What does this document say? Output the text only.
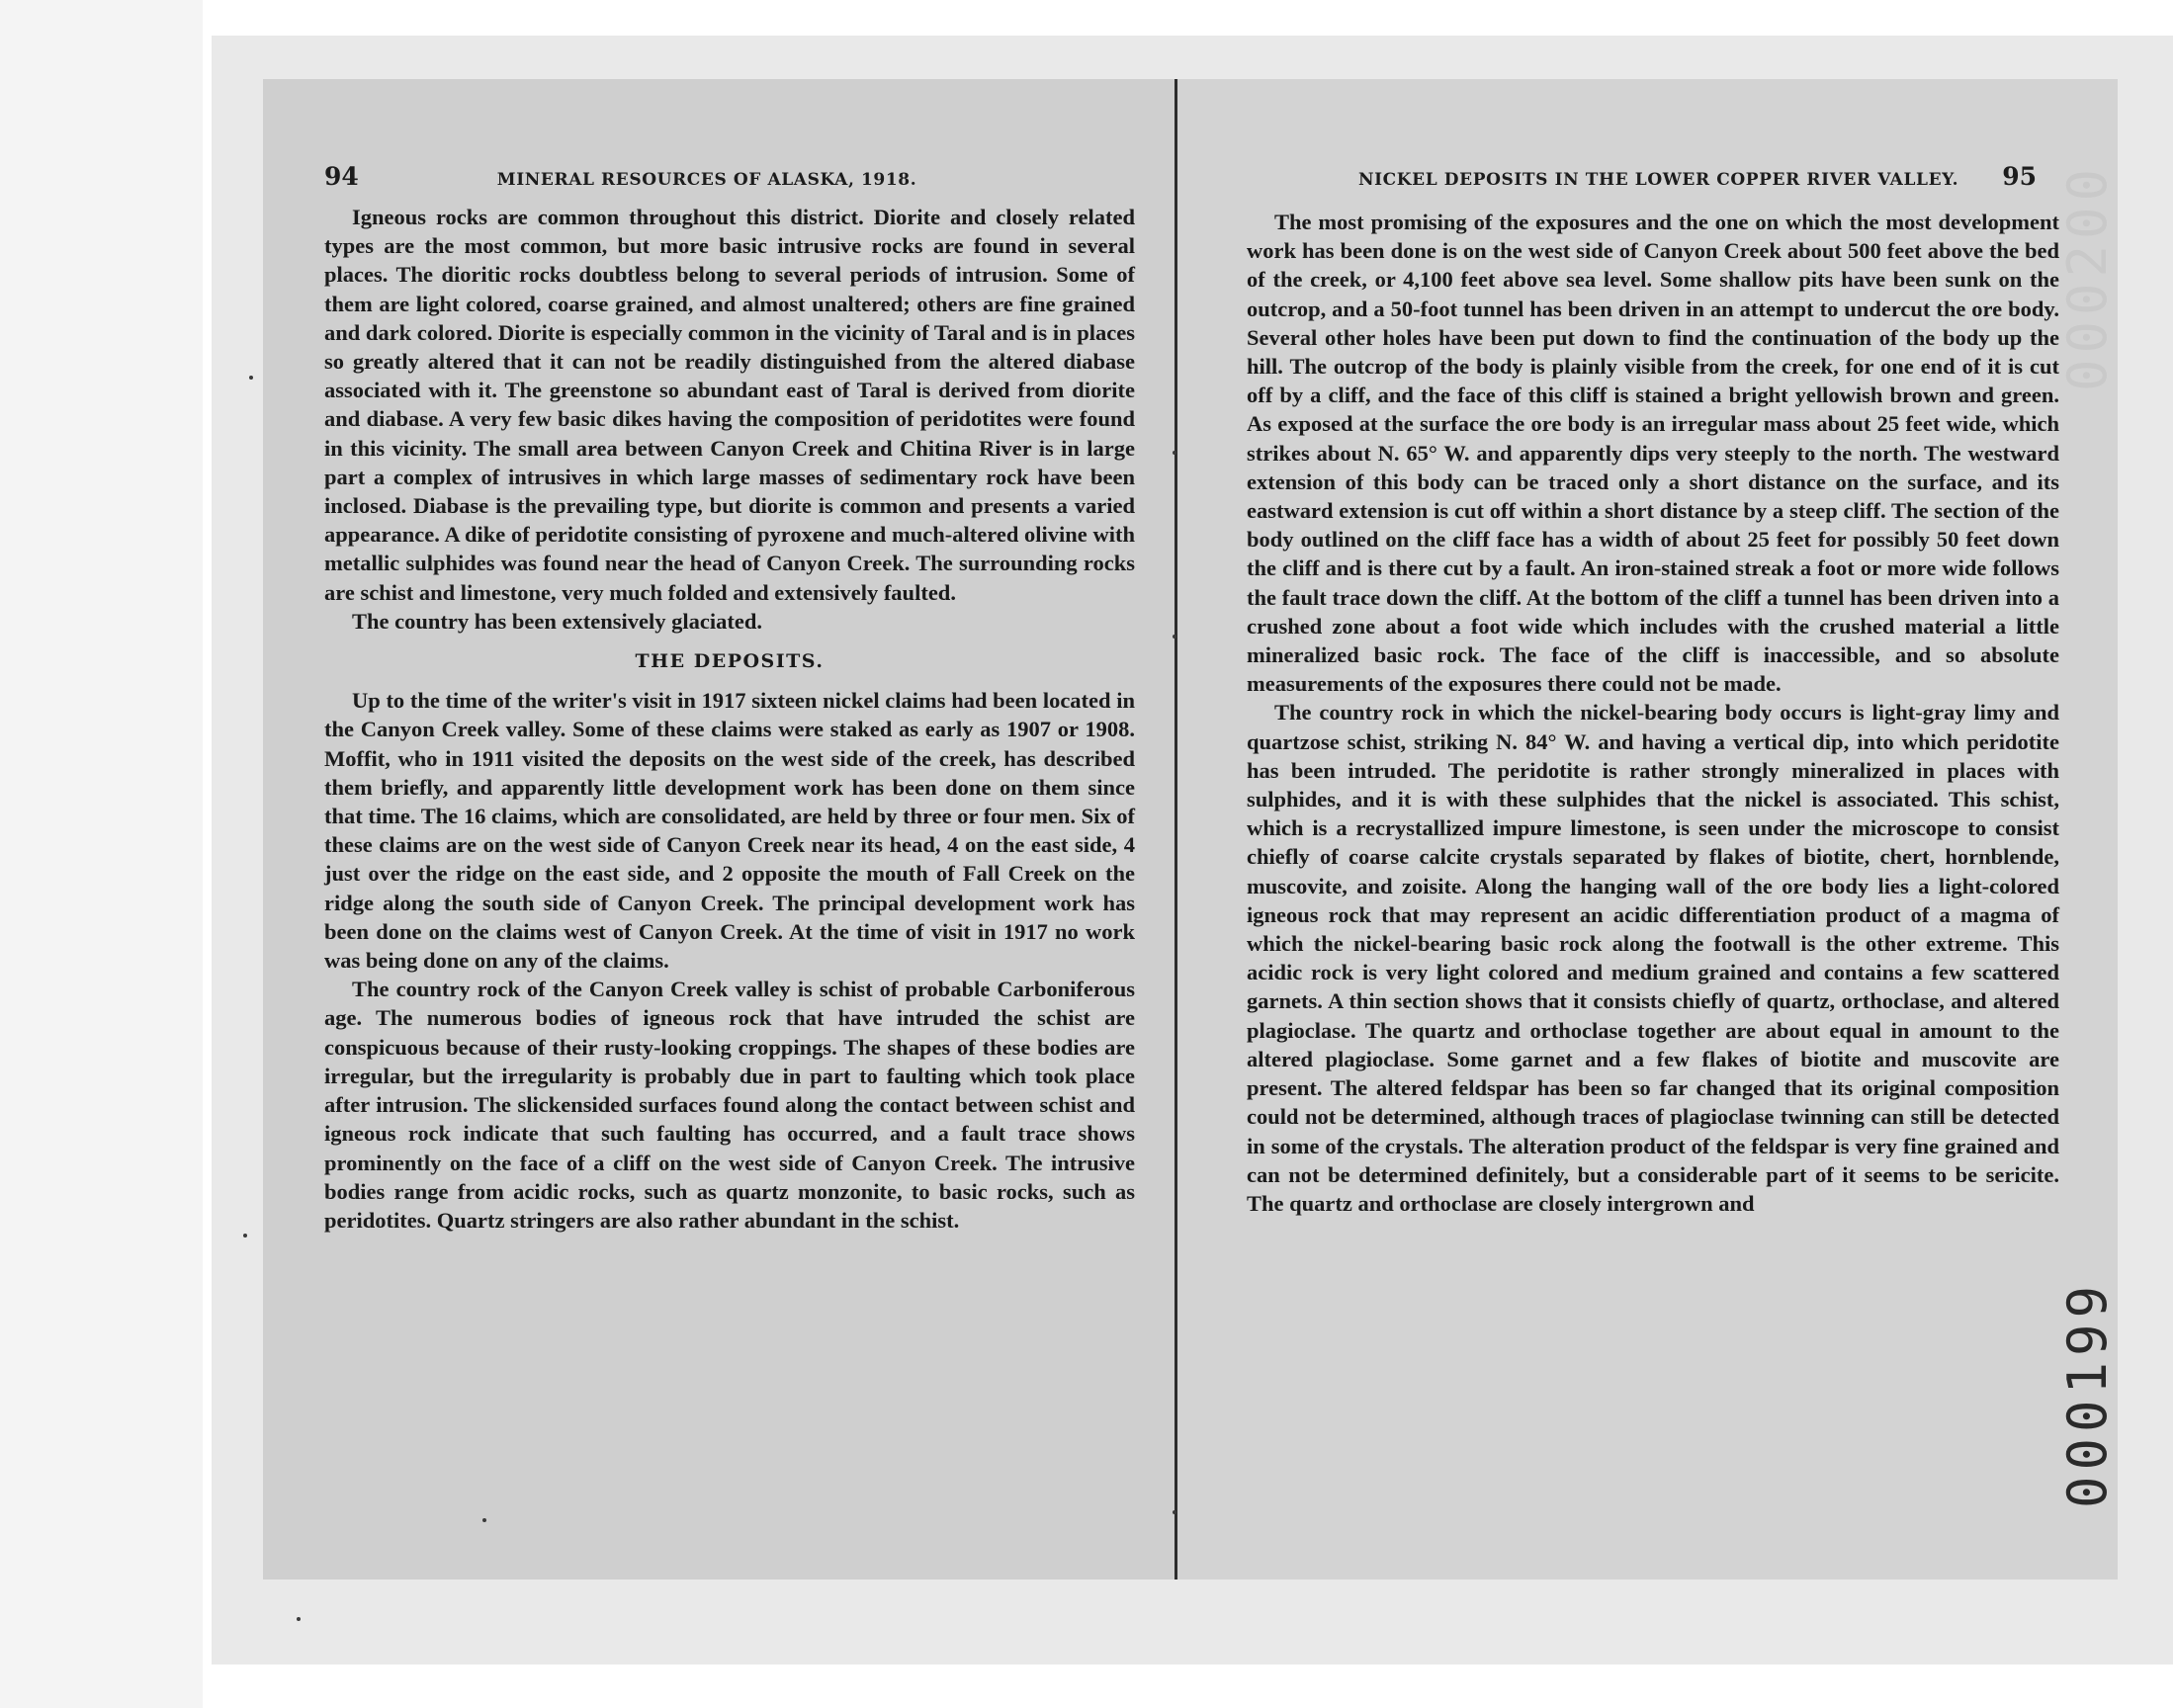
94	MINERAL RESOURCES OF ALASKA, 1918.

Igneous rocks are common throughout this district. Diorite and closely related types are the most common, but more basic intrusive rocks are found in several places. The dioritic rocks doubtless belong to several periods of intrusion. Some of them are light colored, coarse grained, and almost unaltered; others are fine grained and dark colored. Diorite is especially common in the vicinity of Taral and is in places so greatly altered that it can not be readily distinguished from the altered diabase associated with it. The greenstone so abundant east of Taral is derived from diorite and diabase. A very few basic dikes having the composition of peridotites were found in this vicinity. The small area between Canyon Creek and Chitina River is in large part a complex of intrusives in which large masses of sedimentary rock have been inclosed. Diabase is the prevailing type, but diorite is common and presents a varied appearance. A dike of peridotite consisting of pyroxene and much-altered olivine with metallic sulphides was found near the head of Canyon Creek. The surrounding rocks are schist and limestone, very much folded and extensively faulted.

The country has been extensively glaciated.

THE DEPOSITS.

Up to the time of the writer's visit in 1917 sixteen nickel claims had been located in the Canyon Creek valley. Some of these claims were staked as early as 1907 or 1908. Moffit, who in 1911 visited the deposits on the west side of the creek, has described them briefly, and apparently little development work has been done on them since that time. The 16 claims, which are consolidated, are held by three or four men. Six of these claims are on the west side of Canyon Creek near its head, 4 on the east side, 4 just over the ridge on the east side, and 2 opposite the mouth of Fall Creek on the ridge along the south side of Canyon Creek. The principal development work has been done on the claims west of Canyon Creek. At the time of visit in 1917 no work was being done on any of the claims.

The country rock of the Canyon Creek valley is schist of probable Carboniferous age. The numerous bodies of igneous rock that have intruded the schist are conspicuous because of their rusty-looking croppings. The shapes of these bodies are irregular, but the irregularity is probably due in part to faulting which took place after intrusion. The slickensided surfaces found along the contact between schist and igneous rock indicate that such faulting has occurred, and a fault trace shows prominently on the face of a cliff on the west side of Canyon Creek. The intrusive bodies range from acidic rocks, such as quartz monzonite, to basic rocks, such as peridotites. Quartz stringers are also rather abundant in the schist.

NICKEL DEPOSITS IN THE LOWER COPPER RIVER VALLEY. 95

The most promising of the exposures and the one on which the most development work has been done is on the west side of Canyon Creek about 500 feet above the bed of the creek, or 4,100 feet above sea level. Some shallow pits have been sunk on the outcrop, and a 50-foot tunnel has been driven in an attempt to undercut the ore body. Several other holes have been put down to find the continuation of the body up the hill. The outcrop of the body is plainly visible from the creek, for one end of it is cut off by a cliff, and the face of this cliff is stained a bright yellowish brown and green. As exposed at the surface the ore body is an irregular mass about 25 feet wide, which strikes about N. 65° W. and apparently dips very steeply to the north. The westward extension of this body can be traced only a short distance on the surface, and its eastward extension is cut off within a short distance by a steep cliff. The section of the body outlined on the cliff face has a width of about 25 feet for possibly 50 feet down the cliff and is there cut by a fault. An iron-stained streak a foot or more wide follows the fault trace down the cliff. At the bottom of the cliff a tunnel has been driven into a crushed zone about a foot wide which includes with the crushed material a little mineralized basic rock. The face of the cliff is inaccessible, and so absolute measurements of the exposures there could not be made.

The country rock in which the nickel-bearing body occurs is light-gray limy and quartzose schist, striking N. 84° W. and having a vertical dip, into which peridotite has been intruded. The peridotite is rather strongly mineralized in places with sulphides, and it is with these sulphides that the nickel is associated. This schist, which is a recrystallized impure limestone, is seen under the microscope to consist chiefly of coarse calcite crystals separated by flakes of biotite, chert, hornblende, muscovite, and zoisite. Along the hanging wall of the ore body lies a light-colored igneous rock that may represent an acidic differentiation product of a magma of which the nickel-bearing basic rock along the footwall is the other extreme. This acidic rock is very light colored and medium grained and contains a few scattered garnets. A thin section shows that it consists chiefly of quartz, orthoclase, and altered plagioclase. The quartz and orthoclase together are about equal in amount to the altered plagioclase. Some garnet and a few flakes of biotite and muscovite are present. The altered feldspar has been so far changed that its original composition could not be determined, although traces of plagioclase twinning can still be detected in some of the crystals. The alteration product of the feldspar is very fine grained and can not be determined definitely, but a considerable part of it seems to be sericite. The quartz and orthoclase are closely intergrown and

000200
000199
